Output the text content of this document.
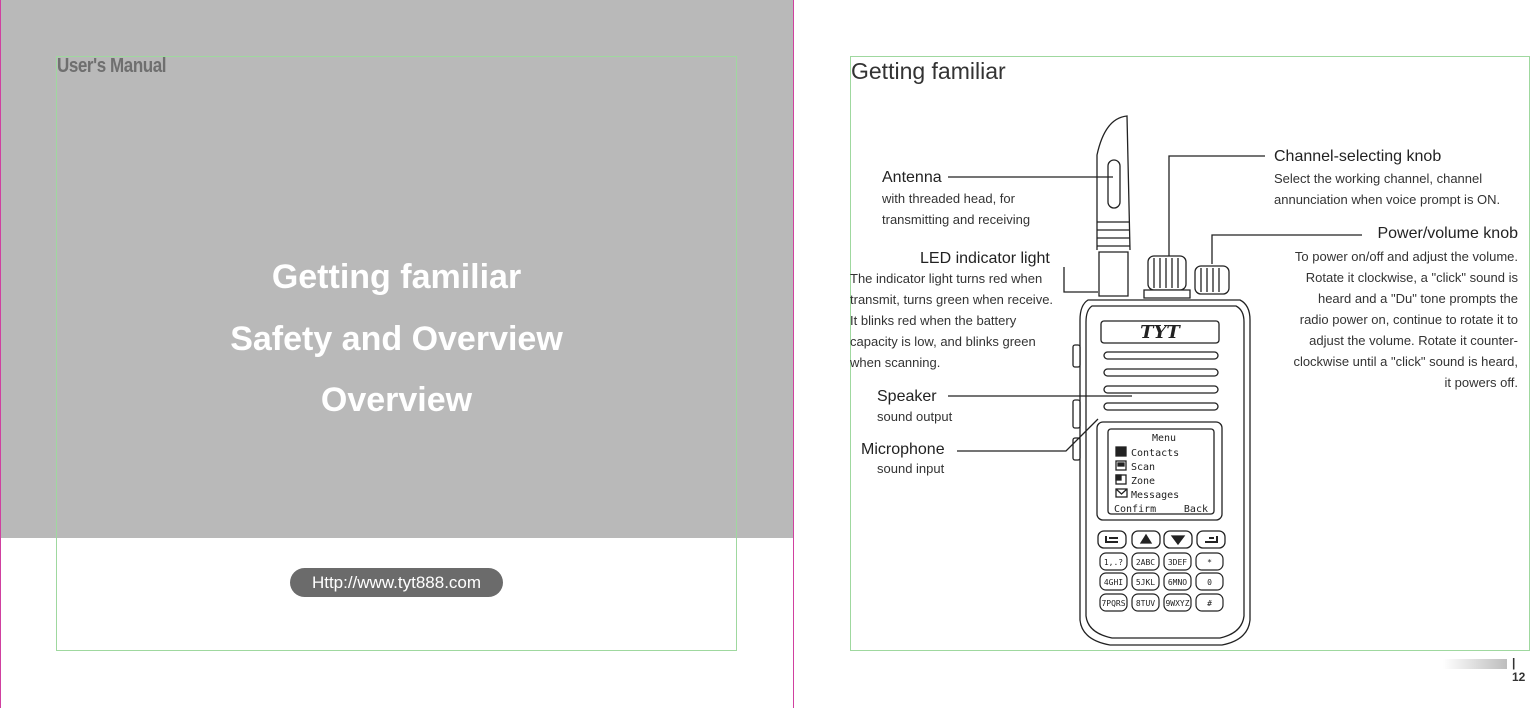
User's Manual
Getting familiar
Safety and Overview
Overview
Http://www.tyt888.com
Getting familiar
TYT
Menu
Contacts
Scan
Zone
Messages
Confirm	Back
1,.? 2ABC 3DEF *
4GHI 5JKL 6MNO 0
7PQRS 8TUV 9WXYZ #
Antenna
with threaded head, for
transmitting and receiving
LED indicator light
The indicator light turns red when
transmit, turns green when receive.
It blinks red when the battery
capacity is low, and blinks green
when scanning.
Speaker
sound output
Microphone
sound input
Channel-selecting knob
Select the working channel, channel
annunciation when voice prompt is ON.
Power/volume knob
To power on/off and adjust the volume.
Rotate it clockwise, a "click" sound is
heard and a "Du" tone prompts the
radio power on, continue to rotate it to
adjust the volume. Rotate it counter-
clockwise until a "click" sound is heard,
it powers off.
| 12
